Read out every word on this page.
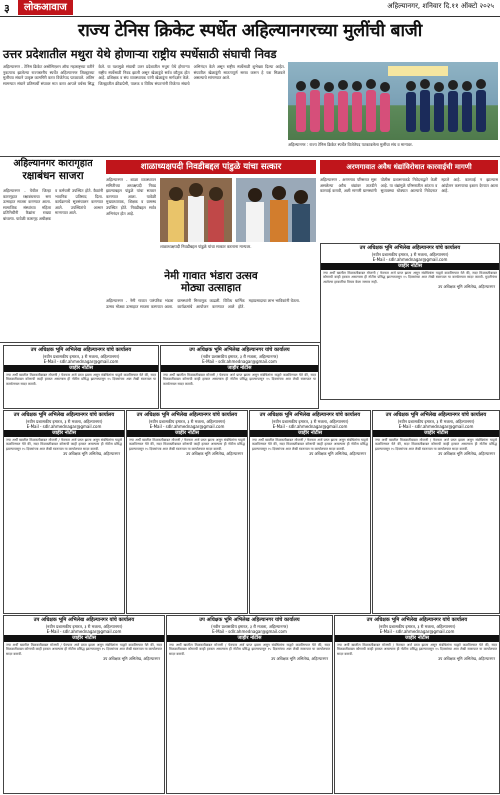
३	लोकआवाज	अहिल्यानगर, शनिवार दि.११ ऑक्टो २०२५
राज्य टेनिस क्रिकेट स्पर्धेत अहिल्यानगरच्या मुलींची बाजी
उत्तर प्रदेशातील मथुरा येथे होणाऱ्या राष्ट्रीय स्पर्धेसाठी संघाची निवड
अहिल्यानगर - टेनिस क्रिकेट असोसिएशन ऑफ महाराष्ट्रच्या वतीने नुकत्याच झालेल्या राज्यस्तरीय स्पर्धेत अहिल्यानगर जिल्ह्याच्या मुलींच्या संघाने उत्कृष्ट कामगिरी करत विजेतेपद पटकावले. अंतिम सामन्यात संघाने प्रतिस्पर्धी संघावर मात करत आपले वर्चस्व सिद्ध केले. या यशामुळे संघाची उत्तर प्रदेशातील मथुरा येथे होणाऱ्या राष्ट्रीय स्पर्धेसाठी निवड झाली असून खेळाडूंचे सर्वत्र कौतुक होत आहे. प्रशिक्षक व संघ व्यवस्थापक यांनी खेळाडूंना मार्गदर्शन केले. जिल्ह्यातील क्रीडाप्रेमी, पालक व विविध संघटनांनी विजेत्या संघाचे अभिनंदन केले असून राष्ट्रीय स्पर्धेसाठी शुभेच्छा दिल्या आहेत. संघातील खेळाडूंनी सातत्यपूर्ण सराव करून हे यश मिळवले असल्याचे सांगण्यात आले.
अहिल्यानगर : राज्य टेनिस क्रिकेट स्पर्धेत विजेतेपद पटकावलेला मुलींचा संघ व मान्यवर.
अहिल्यानगर कारागृहात
रक्षाबंधन साजरा
अहिल्यानगर - येथील जिल्हा कारागृहात रक्षाबंधनाचा सण उत्साहात साजरा करण्यात आला. सामाजिक संस्थांच्या महिला प्रतिनिधींनी कैद्यांना राख्या बांधल्या. यावेळी कारागृह अधीक्षक व कर्मचारी उपस्थित होते. कैद्यांनी भावनिक प्रतिसाद दिला. कार्यक्रमाचे सूत्रसंचालन करण्यात आले. उपस्थितांचे आभार मानण्यात आले.
शाळाध्यक्षपदी निवडीबद्दल पांडुळे यांचा सत्कार
अहिल्यानगर - शाळा व्यवस्थापन समितीच्या अध्यक्षपदी निवड झाल्याबद्दल पांडुळे यांचा सत्कार करण्यात आला. यावेळी मुख्याध्यापक, शिक्षक व ग्रामस्थ उपस्थित होते. निवडीबद्दल सर्वत्र अभिनंदन होत आहे.
शाळाध्यक्षपदी निवडीबद्दल पांडुळे यांचा सत्कार करताना मान्यवर.
नेमी गावात भंडारा उत्सव
मोठ्या उत्साहात
अहिल्यानगर - नेमी गावात पारंपरिक भंडारा उत्सव मोठ्या उत्साहात साजरा करण्यात आला. ग्रामस्थांनी मिरवणूक काढली. विविध धार्मिक कार्यक्रमांचे आयोजन करण्यात आले होते. महाप्रसादाचा लाभ भाविकांनी घेतला.
अरणगावात अवैध धंद्यांविरोधात कारवाईची मागणी
अहिल्यानगर - अरणगाव परिसरात सुरू असलेल्या अवैध धंद्यांवर तातडीने कारवाई करावी, अशी मागणी ग्रामस्थांनी पोलीस प्रशासनाकडे निवेदनाद्वारे केली आहे. या धंद्यांमुळे परिसरातील शांतता व सुव्यवस्था धोक्यात आल्याचे निवेदनात म्हटले आहे. कारवाई न झाल्यास आंदोलन करण्याचा इशारा देण्यात आला आहे.
उप अधिक्षक भूमि अभिलेख अहिल्यानगर यांचे कार्यालय
(नवीन प्रशासकीय इमारत, ३ री मजला, अहिल्यानगर)
E-Mail - sdlr.ahmednagar@gmail.com
जाहीर नोटीस
ज्या अर्थी खालील मिळकतीबाबत मोजणी / फेरफार अर्ज प्राप्त झाला असून संबंधितांना याद्वारे कळविण्यात येते की, सदर मिळकतीबाबत कोणाची काही हरकत असल्यास ही नोटीस प्रसिद्ध झाल्यापासून १५ दिवसांच्या आत लेखी स्वरूपात या कार्यालयात सादर करावी. मुदतीनंतर आलेल्या हरकतींचा विचार केला जाणार नाही.
उप अधिक्षक भूमि अभिलेख, अहिल्यानगर
उप अधिक्षक भूमि अभिलेख अहिल्यानगर यांचे कार्यालय
(नवीन प्रशासकीय इमारत, ३ री मजला, अहिल्यानगर)
E-Mail - sdlr.ahmednagar@gmail.com
जाहीर नोटीस
ज्या अर्थी खालील मिळकतीबाबत मोजणी / फेरफार अर्ज प्राप्त झाला असून संबंधितांना याद्वारे कळविण्यात येते की, सदर मिळकतीबाबत कोणाची काही हरकत असल्यास ही नोटीस प्रसिद्ध झाल्यापासून १५ दिवसांच्या आत लेखी स्वरूपात या कार्यालयात सादर करावी.
उप अधिक्षक भूमि अभिलेख अहिल्यानगर यांचे कार्यालय
(नवीन प्रशासकीय इमारत, ३ री मजला, अहिल्यानगर)
E-Mail - sdlr.ahmednagar@gmail.com
जाहीर नोटीस
ज्या अर्थी खालील मिळकतीबाबत मोजणी / फेरफार अर्ज प्राप्त झाला असून संबंधितांना याद्वारे कळविण्यात येते की, सदर मिळकतीबाबत कोणाची काही हरकत असल्यास ही नोटीस प्रसिद्ध झाल्यापासून १५ दिवसांच्या आत लेखी स्वरूपात या कार्यालयात सादर करावी.
उप अधिक्षक भूमि अभिलेख अहिल्यानगर यांचे कार्यालय
(नवीन प्रशासकीय इमारत, ३ री मजला, अहिल्यानगर)
E-Mail - sdlr.ahmednagar@gmail.com
जाहीर नोटीस
ज्या अर्थी खालील मिळकतीबाबत मोजणी / फेरफार अर्ज प्राप्त झाला असून संबंधितांना याद्वारे कळविण्यात येते की, सदर मिळकतीबाबत कोणाची काही हरकत असल्यास ही नोटीस प्रसिद्ध झाल्यापासून १५ दिवसांच्या आत लेखी स्वरूपात या कार्यालयात सादर करावी.
उप अधिक्षक भूमि अभिलेख, अहिल्यानगर
उप अधिक्षक भूमि अभिलेख अहिल्यानगर यांचे कार्यालय
(नवीन प्रशासकीय इमारत, ३ री मजला, अहिल्यानगर)
E-Mail - sdlr.ahmednagar@gmail.com
जाहीर नोटीस
ज्या अर्थी खालील मिळकतीबाबत मोजणी / फेरफार अर्ज प्राप्त झाला असून संबंधितांना याद्वारे कळविण्यात येते की, सदर मिळकतीबाबत कोणाची काही हरकत असल्यास ही नोटीस प्रसिद्ध झाल्यापासून १५ दिवसांच्या आत लेखी स्वरूपात या कार्यालयात सादर करावी.
उप अधिक्षक भूमि अभिलेख, अहिल्यानगर
उप अधिक्षक भूमि अभिलेख अहिल्यानगर यांचे कार्यालय
(नवीन प्रशासकीय इमारत, ३ री मजला, अहिल्यानगर)
E-Mail - sdlr.ahmednagar@gmail.com
जाहीर नोटीस
ज्या अर्थी खालील मिळकतीबाबत मोजणी / फेरफार अर्ज प्राप्त झाला असून संबंधितांना याद्वारे कळविण्यात येते की, सदर मिळकतीबाबत कोणाची काही हरकत असल्यास ही नोटीस प्रसिद्ध झाल्यापासून १५ दिवसांच्या आत लेखी स्वरूपात या कार्यालयात सादर करावी.
उप अधिक्षक भूमि अभिलेख, अहिल्यानगर
उप अधिक्षक भूमि अभिलेख अहिल्यानगर यांचे कार्यालय
(नवीन प्रशासकीय इमारत, ३ री मजला, अहिल्यानगर)
E-Mail - sdlr.ahmednagar@gmail.com
जाहीर नोटीस
ज्या अर्थी खालील मिळकतीबाबत मोजणी / फेरफार अर्ज प्राप्त झाला असून संबंधितांना याद्वारे कळविण्यात येते की, सदर मिळकतीबाबत कोणाची काही हरकत असल्यास ही नोटीस प्रसिद्ध झाल्यापासून १५ दिवसांच्या आत लेखी स्वरूपात या कार्यालयात सादर करावी.
उप अधिक्षक भूमि अभिलेख, अहिल्यानगर
उप अधिक्षक भूमि अभिलेख अहिल्यानगर यांचे कार्यालय
(नवीन प्रशासकीय इमारत, ३ री मजला, अहिल्यानगर)
E-Mail - sdlr.ahmednagar@gmail.com
जाहीर नोटीस
ज्या अर्थी खालील मिळकतीबाबत मोजणी / फेरफार अर्ज प्राप्त झाला असून संबंधितांना याद्वारे कळविण्यात येते की, सदर मिळकतीबाबत कोणाची काही हरकत असल्यास ही नोटीस प्रसिद्ध झाल्यापासून १५ दिवसांच्या आत लेखी स्वरूपात या कार्यालयात सादर करावी.
उप अधिक्षक भूमि अभिलेख, अहिल्यानगर
उप अधिक्षक भूमि अभिलेख अहिल्यानगर यांचे कार्यालय
(नवीन प्रशासकीय इमारत, ३ री मजला, अहिल्यानगर)
E-Mail - sdlr.ahmednagar@gmail.com
जाहीर नोटीस
ज्या अर्थी खालील मिळकतीबाबत मोजणी / फेरफार अर्ज प्राप्त झाला असून संबंधितांना याद्वारे कळविण्यात येते की, सदर मिळकतीबाबत कोणाची काही हरकत असल्यास ही नोटीस प्रसिद्ध झाल्यापासून १५ दिवसांच्या आत लेखी स्वरूपात या कार्यालयात सादर करावी.
उप अधिक्षक भूमि अभिलेख, अहिल्यानगर
उप अधिक्षक भूमि अभिलेख अहिल्यानगर यांचे कार्यालय
(नवीन प्रशासकीय इमारत, ३ री मजला, अहिल्यानगर)
E-Mail - sdlr.ahmednagar@gmail.com
जाहीर नोटीस
ज्या अर्थी खालील मिळकतीबाबत मोजणी / फेरफार अर्ज प्राप्त झाला असून संबंधितांना याद्वारे कळविण्यात येते की, सदर मिळकतीबाबत कोणाची काही हरकत असल्यास ही नोटीस प्रसिद्ध झाल्यापासून १५ दिवसांच्या आत लेखी स्वरूपात या कार्यालयात सादर करावी.
उप अधिक्षक भूमि अभिलेख, अहिल्यानगर
